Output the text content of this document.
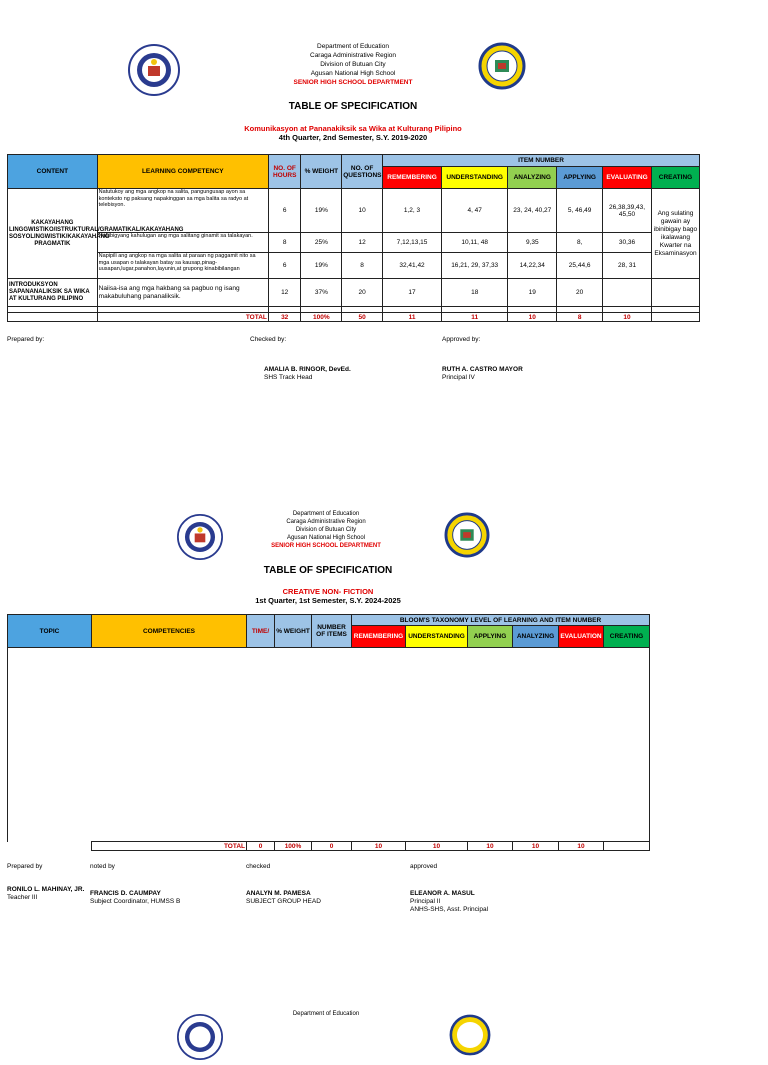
Department of Education
Caraga Administrative Region
Division of Butuan City
Agusan National High School
SENIOR HIGH SCHOOL DEPARTMENT
TABLE OF SPECIFICATION
Komunikasyon at Pananakiksik sa Wika at Kulturang Pilipino
4th Quarter, 2nd Semester, S.Y. 2019-2020
CONTENT	LEARNING COMPETENCY	NO. OF HOURS	% WEIGHT	NO. OF QUESTIONS	ITEM NUMBER					
					REMEMBERING	UNDERSTANDING	ANALYZING	APPLYING	EVALUATING	CREATING
KAKAYAHANG LINGGWISTIKO/ISTRUKTURAL/GRAMATIKAL/KAKAYAHANG SOSYOLINGWISTIK/KAKAYAHANG PRAGMATIK	Natutukoy ang mga angkop na salita, pangungusap ayon sa konteksto ng paksang napakinggan sa mga balita sa radyo at telebisyon.	6	19%	10	1,2, 3	4, 47	23, 24, 40,27	5, 46,49	26,38,39,43, 45,50	Ang sulating gawain ay ibinibigay bago ikalawang Kwarter na Eksaminasyon
	Nabibigyang kahulugan ang mga salitang ginamit sa talakayan.	8	25%	12	7,12,13,15	10,11, 48	9,35	8,	30,36	
	Napipili ang angkop na mga salita at paraan ng paggamit nito sa mga usapan o talakayan batay sa kausap,pinag-uusapan,lugar,panahon,layunin,at grupong kinabibilangan	6	19%	8	32,41,42	16,21, 29, 37,33	14,22,34	25,44,6	28, 31	
INTRODUKSYON SAPANANALIKSIK SA WIKA AT KULTURANG PILIPINO	Naiisa-isa ang mga hakbang sa pagbuo ng isang makabuluhang pananaliksik.	12	37%	20	17	18	19	20		

	TOTAL	32	100%	50	11	11	10	8	10	
Prepared by:	Checked by:	Approved by:
AMALIA B. RINGOR, DevEd.
SHS Track Head
RUTH A. CASTRO MAYOR
Principal IV
Department of Education
Caraga Administrative Region
Division of Butuan City
Agusan National High School
SENIOR HIGH SCHOOL DEPARTMENT
TABLE OF SPECIFICATION
CREATIVE NON- FICTION
1st Quarter, 1st Semester, S.Y. 2024-2025
TOPIC	COMPETENCIES	TIME/	% WEIGHT	NUMBER OF ITEMS	BLOOM'S TAXONOMY LEVEL OF LEARNING AND ITEM NUMBER					
					REMEMBERING	UNDERSTANDING	APPLYING	ANALYZING	EVALUATION	CREATING

	TOTAL	0	100%	0	10	10	10	10	10	
Prepared by	noted by	checked	approved
RONILO L. MAHINAY, JR.
Teacher III
FRANCIS D. CAUMPAY
Subject Coordinator, HUMSS B
ANALYN M. PAMESA
SUBJECT GROUP HEAD
ELEANOR A. MASUL
Principal II
ANHS-SHS, Asst. Principal
Department of Education
